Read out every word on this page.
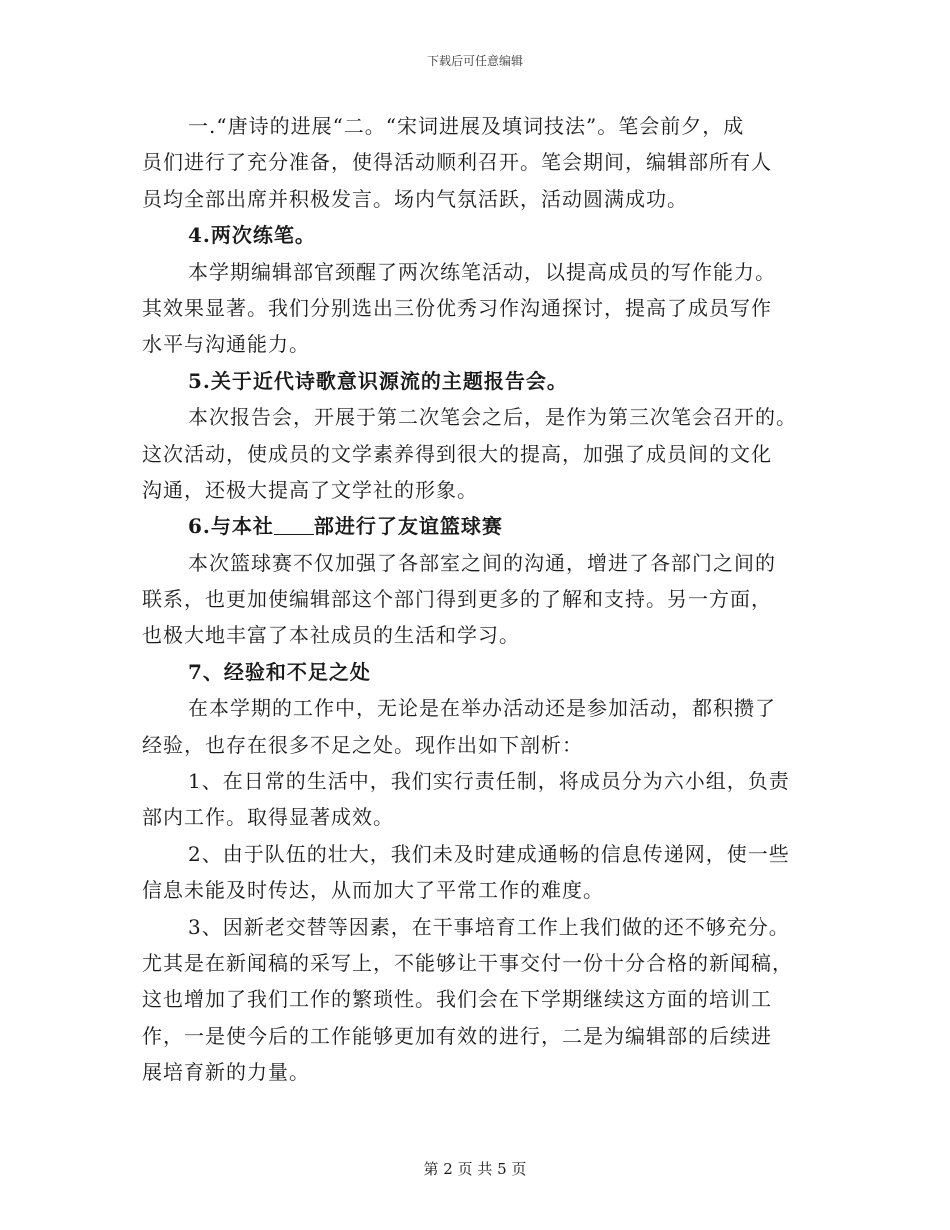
下载后可任意编辑
一.“唐诗的进展“二。“宋词进展及填词技法”。笔会前夕，成
员们进行了充分准备，使得活动顺利召开。笔会期间，编辑部所有人
员均全部出席并积极发言。场内气氛活跃，活动圆满成功。
4.两次练笔。
本学期编辑部官颈醒了两次练笔活动，以提高成员的写作能力。
其效果显著。我们分别选出三份优秀习作沟通探讨，提高了成员写作
水平与沟通能力。
5.关于近代诗歌意识源流的主题报告会。
本次报告会，开展于第二次笔会之后，是作为第三次笔会召开的。
这次活动，使成员的文学素养得到很大的提高，加强了成员间的文化
沟通，还极大提高了文学社的形象。
6.与本社 部进行了友谊篮球赛
本次篮球赛不仅加强了各部室之间的沟通，增进了各部门之间的
联系，也更加使编辑部这个部门得到更多的了解和支持。另一方面，
也极大地丰富了本社成员的生活和学习。
7、经验和不足之处
在本学期的工作中，无论是在举办活动还是参加活动，都积攒了
经验，也存在很多不足之处。现作出如下剖析：
1、在日常的生活中，我们实行责任制，将成员分为六小组，负责
部内工作。取得显著成效。
2、由于队伍的壮大，我们未及时建成通畅的信息传递网，使一些
信息未能及时传达，从而加大了平常工作的难度。
3、因新老交替等因素，在干事培育工作上我们做的还不够充分。
尤其是在新闻稿的采写上，不能够让干事交付一份十分合格的新闻稿，
这也增加了我们工作的繁琐性。我们会在下学期继续这方面的培训工
作，一是使今后的工作能够更加有效的进行，二是为编辑部的后续进
展培育新的力量。
第 2 页 共 5 页
